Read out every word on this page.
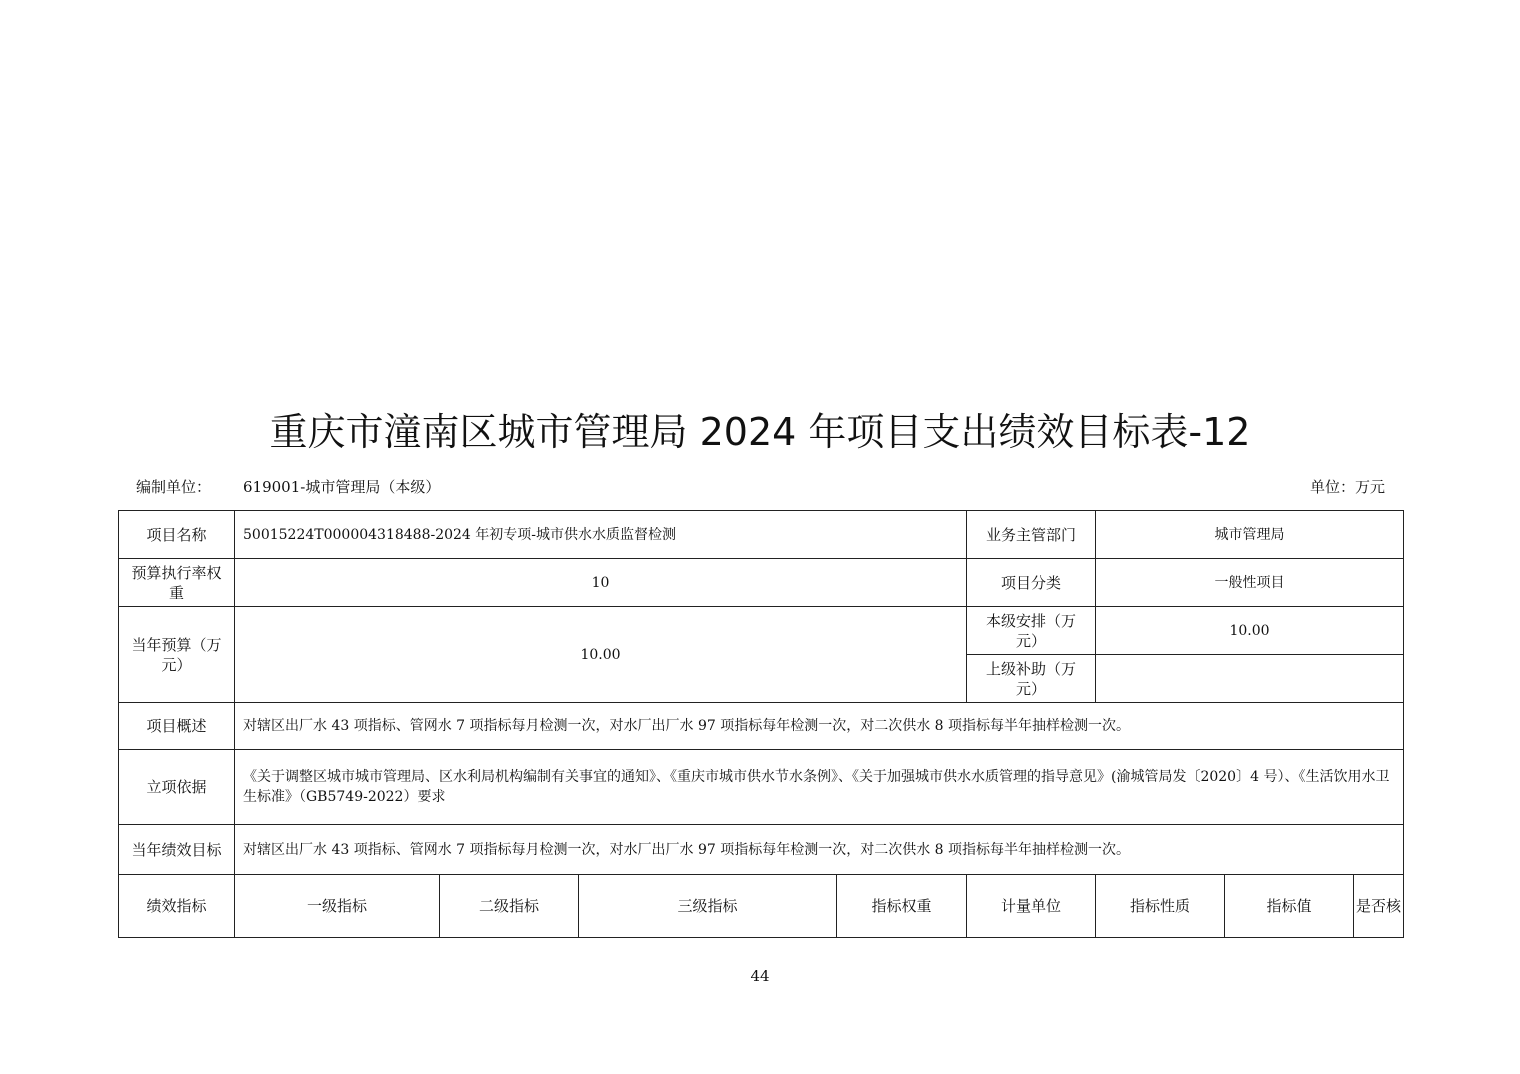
重庆市潼南区城市管理局 2024 年项目支出绩效目标表-12
编制单位： 619001-城市管理局（本级）	单位：万元
项目名称	50015224T000004318488-2024 年初专项-城市供水水质监督检测				业务主管部门	城市管理局		
预算执行率权重	10				项目分类	一般性项目		
当年预算（万元）	10.00				本级安排（万元）	10.00		
					上级补助（万元）			
项目概述	对辖区出厂水 43 项指标、管网水 7 项指标每月检测一次，对水厂出厂水 97 项指标每年检测一次，对二次供水 8 项指标每半年抽样检测一次。							
立项依据	《关于调整区城市城市管理局、区水利局机构编制有关事宜的通知》、《重庆市城市供水节水条例》、《关于加强城市供水水质管理的指导意见》(渝城管局发〔2020〕4 号）、《生活饮用水卫生标准》（GB5749-2022）要求							
当年绩效目标	对辖区出厂水 43 项指标、管网水 7 项指标每月检测一次，对水厂出厂水 97 项指标每年检测一次，对二次供水 8 项指标每半年抽样检测一次。							
绩效指标	一级指标	二级指标	三级指标	指标权重	计量单位	指标性质	指标值	是否核
44
